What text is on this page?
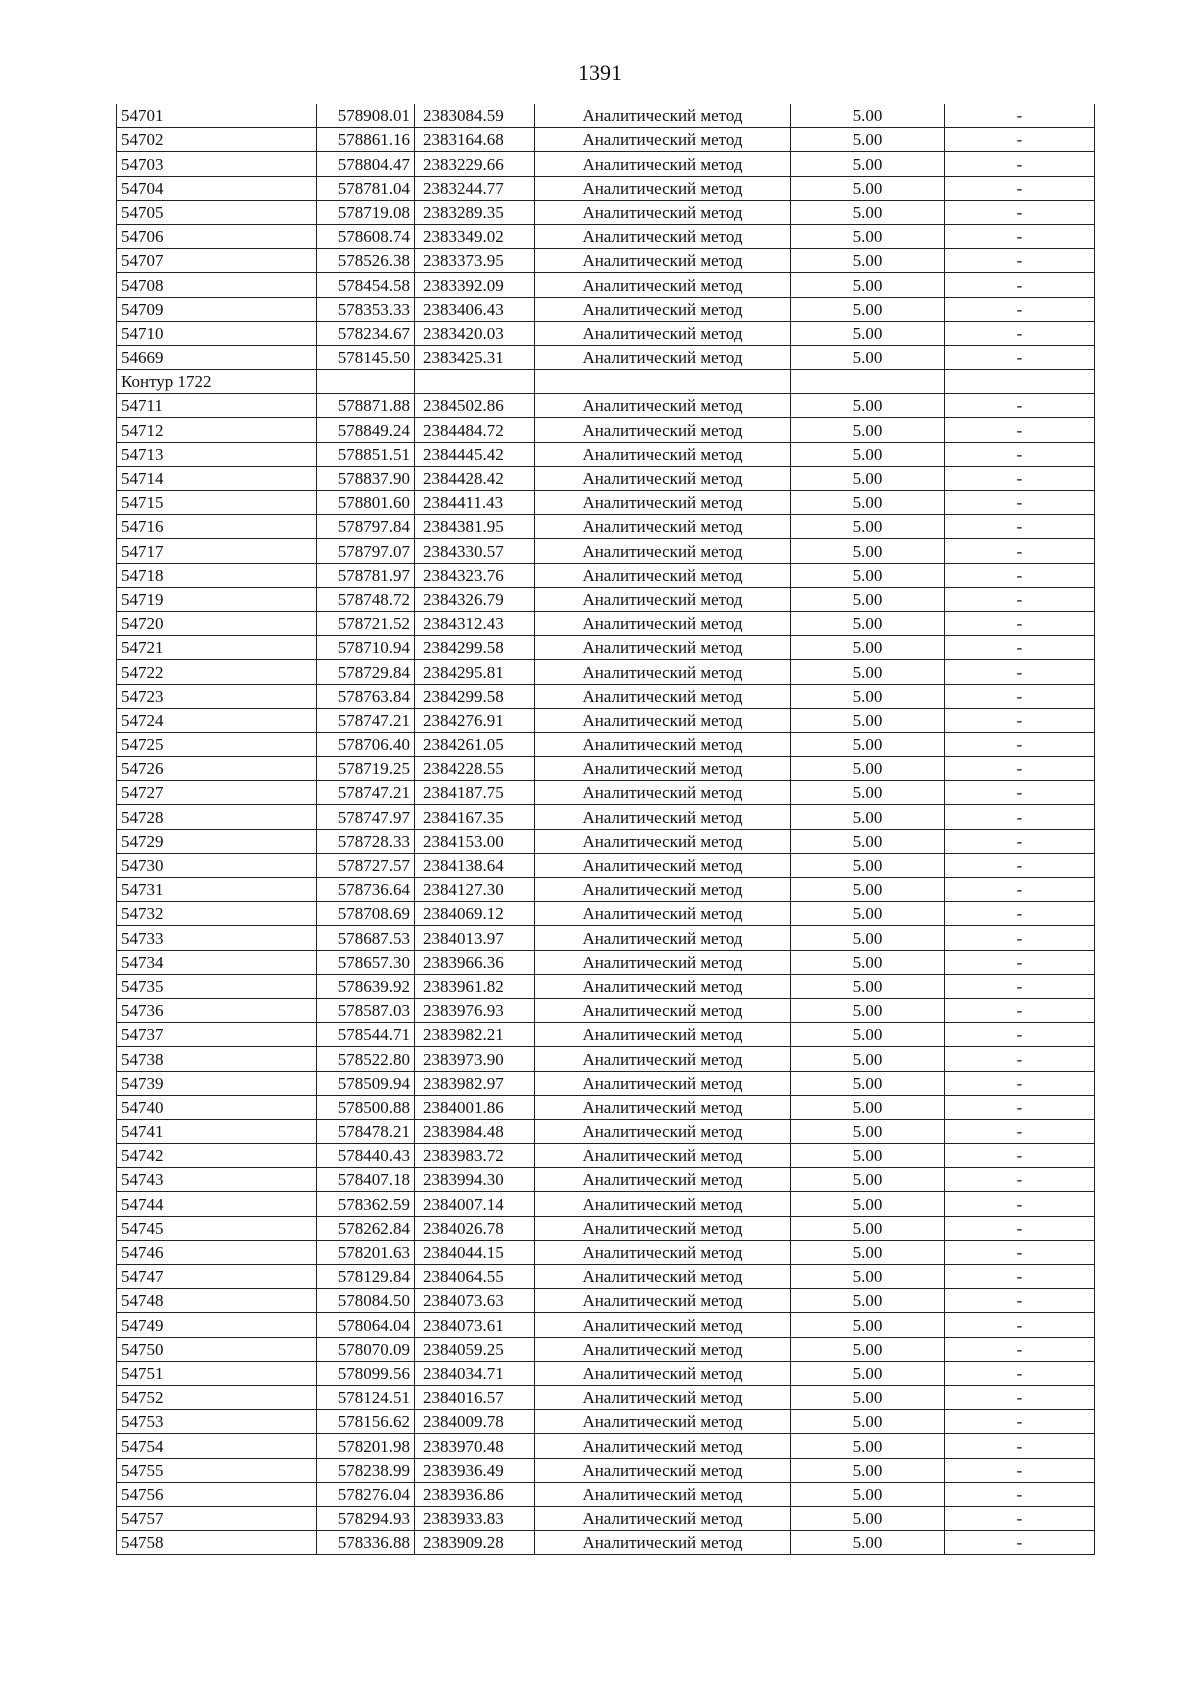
1391
54701	578908.01	2383084.59	Аналитический метод	5.00	-
54702	578861.16	2383164.68	Аналитический метод	5.00	-
54703	578804.47	2383229.66	Аналитический метод	5.00	-
54704	578781.04	2383244.77	Аналитический метод	5.00	-
54705	578719.08	2383289.35	Аналитический метод	5.00	-
54706	578608.74	2383349.02	Аналитический метод	5.00	-
54707	578526.38	2383373.95	Аналитический метод	5.00	-
54708	578454.58	2383392.09	Аналитический метод	5.00	-
54709	578353.33	2383406.43	Аналитический метод	5.00	-
54710	578234.67	2383420.03	Аналитический метод	5.00	-
54669	578145.50	2383425.31	Аналитический метод	5.00	-
Контур 1722					
54711	578871.88	2384502.86	Аналитический метод	5.00	-
54712	578849.24	2384484.72	Аналитический метод	5.00	-
54713	578851.51	2384445.42	Аналитический метод	5.00	-
54714	578837.90	2384428.42	Аналитический метод	5.00	-
54715	578801.60	2384411.43	Аналитический метод	5.00	-
54716	578797.84	2384381.95	Аналитический метод	5.00	-
54717	578797.07	2384330.57	Аналитический метод	5.00	-
54718	578781.97	2384323.76	Аналитический метод	5.00	-
54719	578748.72	2384326.79	Аналитический метод	5.00	-
54720	578721.52	2384312.43	Аналитический метод	5.00	-
54721	578710.94	2384299.58	Аналитический метод	5.00	-
54722	578729.84	2384295.81	Аналитический метод	5.00	-
54723	578763.84	2384299.58	Аналитический метод	5.00	-
54724	578747.21	2384276.91	Аналитический метод	5.00	-
54725	578706.40	2384261.05	Аналитический метод	5.00	-
54726	578719.25	2384228.55	Аналитический метод	5.00	-
54727	578747.21	2384187.75	Аналитический метод	5.00	-
54728	578747.97	2384167.35	Аналитический метод	5.00	-
54729	578728.33	2384153.00	Аналитический метод	5.00	-
54730	578727.57	2384138.64	Аналитический метод	5.00	-
54731	578736.64	2384127.30	Аналитический метод	5.00	-
54732	578708.69	2384069.12	Аналитический метод	5.00	-
54733	578687.53	2384013.97	Аналитический метод	5.00	-
54734	578657.30	2383966.36	Аналитический метод	5.00	-
54735	578639.92	2383961.82	Аналитический метод	5.00	-
54736	578587.03	2383976.93	Аналитический метод	5.00	-
54737	578544.71	2383982.21	Аналитический метод	5.00	-
54738	578522.80	2383973.90	Аналитический метод	5.00	-
54739	578509.94	2383982.97	Аналитический метод	5.00	-
54740	578500.88	2384001.86	Аналитический метод	5.00	-
54741	578478.21	2383984.48	Аналитический метод	5.00	-
54742	578440.43	2383983.72	Аналитический метод	5.00	-
54743	578407.18	2383994.30	Аналитический метод	5.00	-
54744	578362.59	2384007.14	Аналитический метод	5.00	-
54745	578262.84	2384026.78	Аналитический метод	5.00	-
54746	578201.63	2384044.15	Аналитический метод	5.00	-
54747	578129.84	2384064.55	Аналитический метод	5.00	-
54748	578084.50	2384073.63	Аналитический метод	5.00	-
54749	578064.04	2384073.61	Аналитический метод	5.00	-
54750	578070.09	2384059.25	Аналитический метод	5.00	-
54751	578099.56	2384034.71	Аналитический метод	5.00	-
54752	578124.51	2384016.57	Аналитический метод	5.00	-
54753	578156.62	2384009.78	Аналитический метод	5.00	-
54754	578201.98	2383970.48	Аналитический метод	5.00	-
54755	578238.99	2383936.49	Аналитический метод	5.00	-
54756	578276.04	2383936.86	Аналитический метод	5.00	-
54757	578294.93	2383933.83	Аналитический метод	5.00	-
54758	578336.88	2383909.28	Аналитический метод	5.00	-
